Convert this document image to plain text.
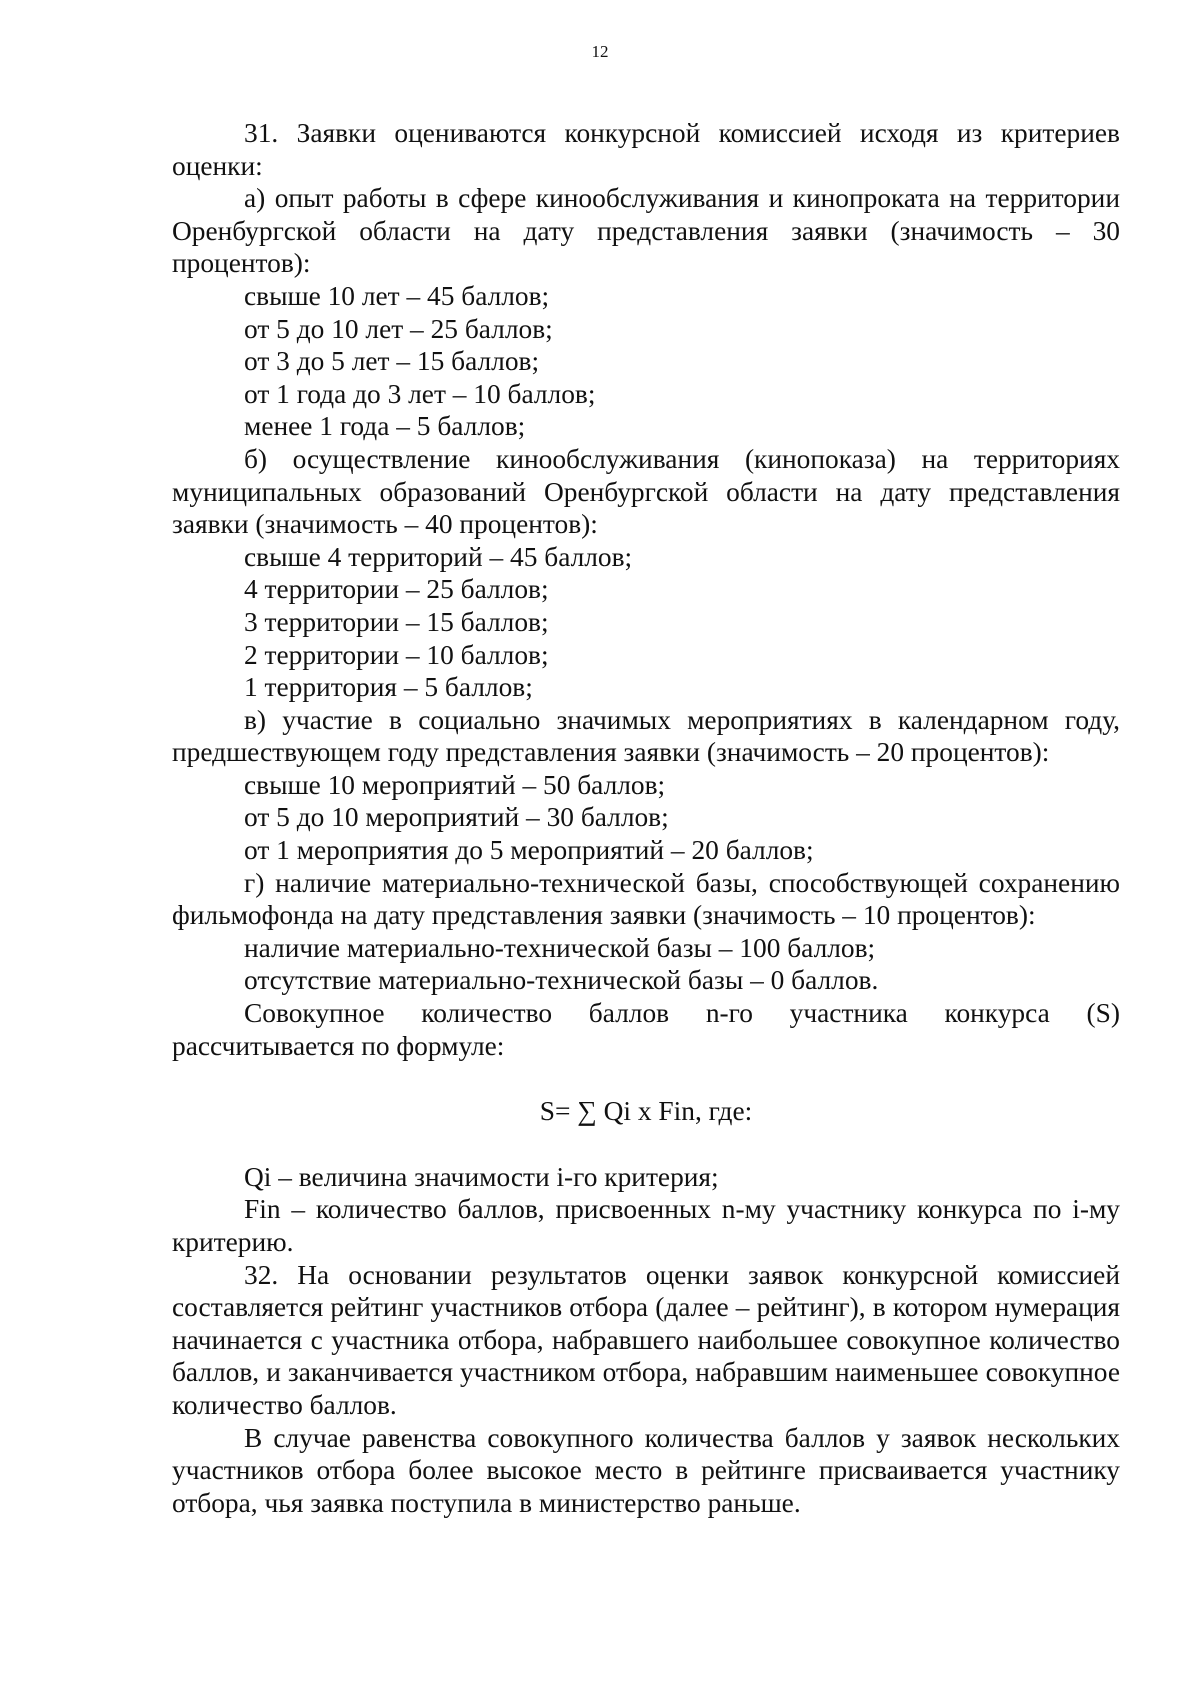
12

31. Заявки оцениваются конкурсной комиссией исходя из критериев оценки:

а) опыт работы в сфере кинообслуживания и кинопроката на территории Оренбургской области на дату представления заявки (значимость – 30 процентов):

свыше 10 лет – 45 баллов;

от 5 до 10 лет – 25 баллов;

от 3 до 5 лет – 15 баллов;

от 1 года до 3 лет – 10 баллов;

менее 1 года – 5 баллов;

б) осуществление кинообслуживания (кинопоказа) на территориях муниципальных образований Оренбургской области на дату представления заявки (значимость – 40 процентов):

свыше 4 территорий – 45 баллов;

4 территории – 25 баллов;

3 территории – 15 баллов;

2 территории – 10 баллов;

1 территория – 5 баллов;

в) участие в социально значимых мероприятиях в календарном году, предшествующем году представления заявки (значимость – 20 процентов):

свыше 10 мероприятий – 50 баллов;

от 5 до 10 мероприятий – 30 баллов;

от 1 мероприятия до 5 мероприятий – 20 баллов;

г) наличие материально-технической базы, способствующей сохранению фильмофонда на дату представления заявки (значимость – 10 процентов):

наличие материально-технической базы – 100 баллов;

отсутствие материально-технической базы – 0 баллов.

Совокупное количество баллов n-го участника конкурса (S) рассчитывается по формуле:

S= ∑ Qi x Fin, где:

Qi – величина значимости i-го критерия;

Fin – количество баллов, присвоенных n-му участнику конкурса по i-му критерию.

32. На основании результатов оценки заявок конкурсной комиссией составляется рейтинг участников отбора (далее – рейтинг), в котором нумерация начинается с участника отбора, набравшего наибольшее совокупное количество баллов, и заканчивается участником отбора, набравшим наименьшее совокупное количество баллов.

В случае равенства совокупного количества баллов у заявок нескольких участников отбора более высокое место в рейтинге присваивается участнику отбора, чья заявка поступила в министерство раньше.
